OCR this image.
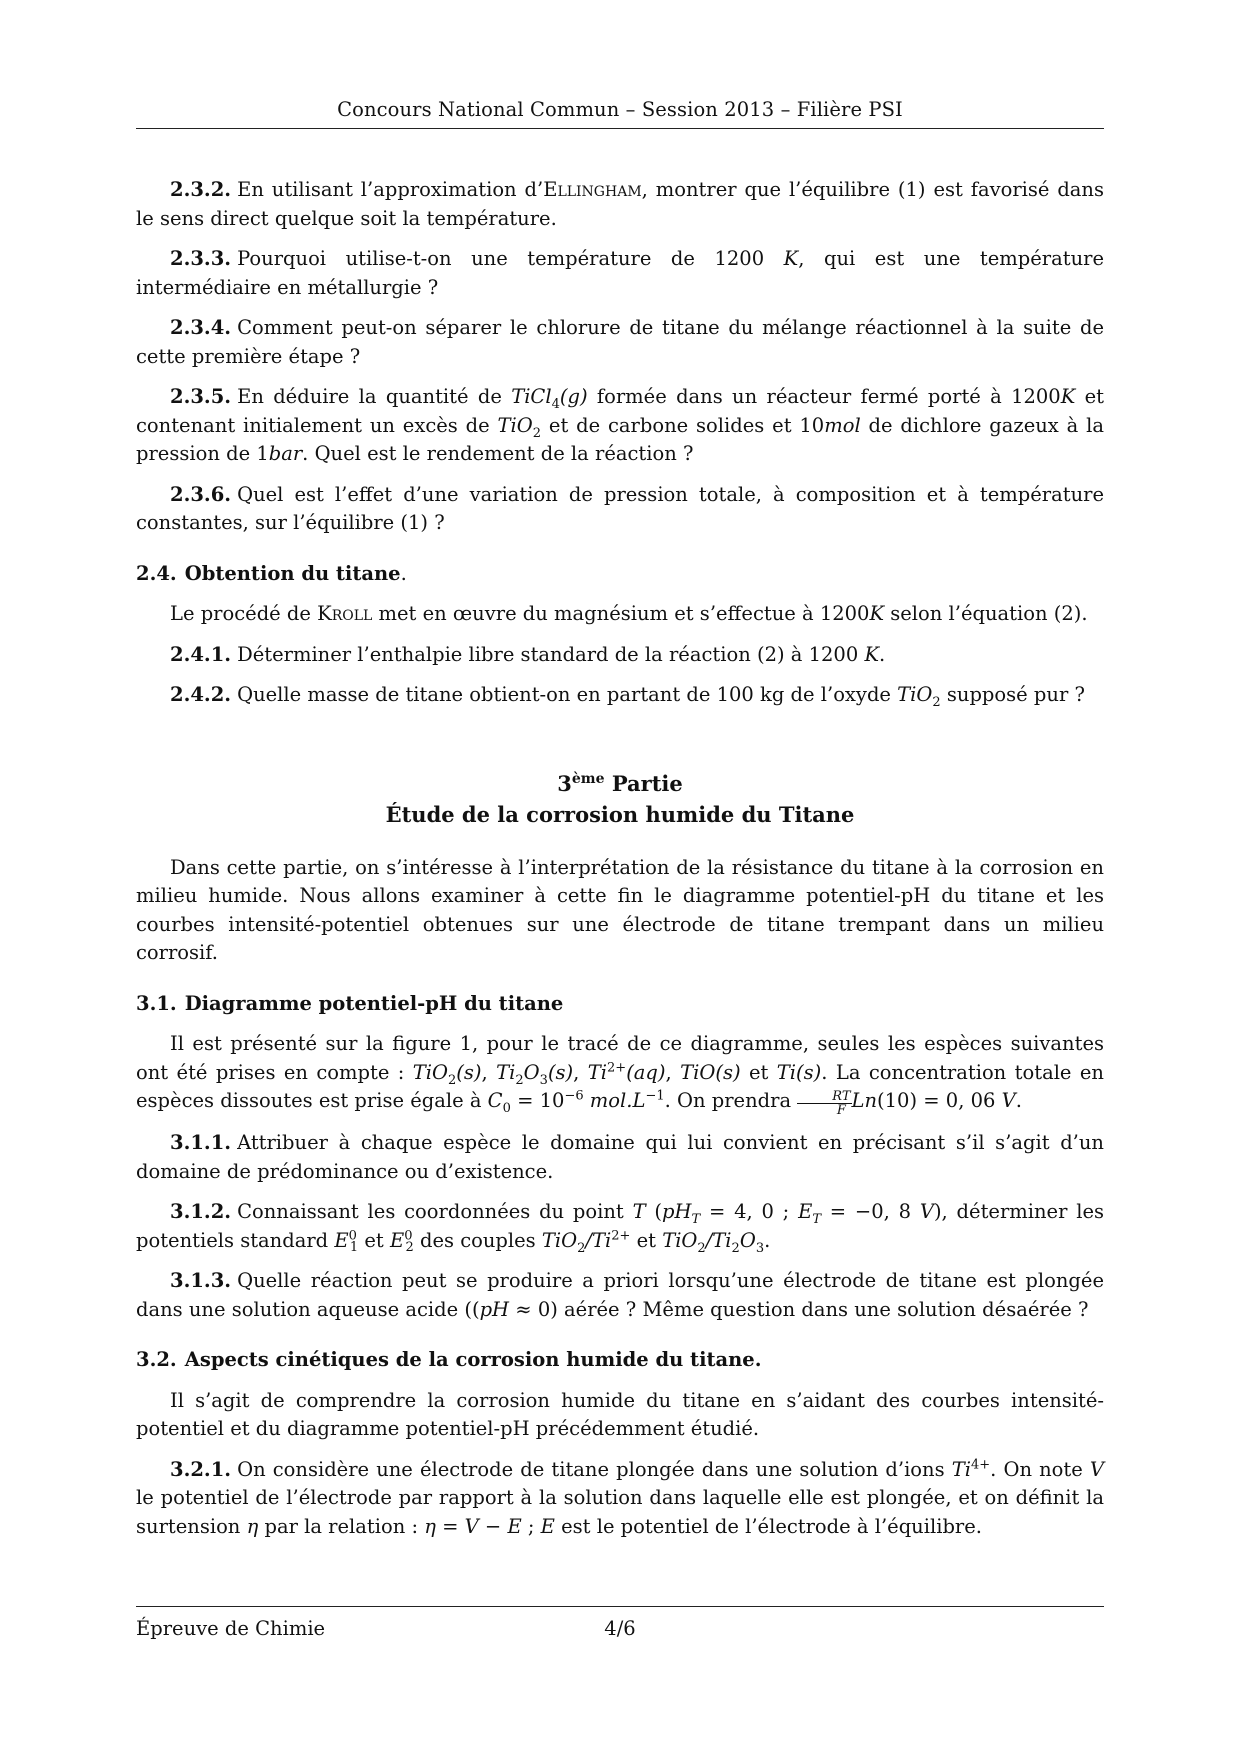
Concours National Commun – Session 2013 – Filière PSI

2.3.2. En utilisant l’approximation d’Ellingham, montrer que l’équilibre (1) est favorisé dans le sens direct quelque soit la température.

2.3.3. Pourquoi utilise-t-on une température de 1200 K, qui est une température intermédiaire en métallurgie ?

2.3.4. Comment peut-on séparer le chlorure de titane du mélange réactionnel à la suite de cette première étape ?

2.3.5. En déduire la quantité de TiCl$_4$(g) formée dans un réacteur fermé porté à 1200K et contenant initialement un excès de TiO$_2$ et de carbone solides et 10mol de dichlore gazeux à la pression de 1bar. Quel est le rendement de la réaction ?

2.3.6. Quel est l’effet d’une variation de pression totale, à composition et à température constantes, sur l’équilibre (1) ?

2.4. Obtention du titane.

Le procédé de Kroll met en œuvre du magnésium et s’effectue à 1200K selon l’équation (2).

2.4.1. Déterminer l’enthalpie libre standard de la réaction (2) à 1200 K.

2.4.2. Quelle masse de titane obtient-on en partant de 100 kg de l’oxyde TiO$_2$ supposé pur ?

3ème Partie
Étude de la corrosion humide du Titane

Dans cette partie, on s’intéresse à l’interprétation de la résistance du titane à la corrosion en milieu humide. Nous allons examiner à cette fin le diagramme potentiel-pH du titane et les courbes intensité-potentiel obtenues sur une électrode de titane trempant dans un milieu corrosif.

3.1. Diagramme potentiel-pH du titane

Il est présenté sur la figure 1, pour le tracé de ce diagramme, seules les espèces suivantes ont été prises en compte : TiO$_2$(s), $Ti_2O_3(s)$, $Ti^{2+}(aq)$, TiO(s) et Ti(s). La concentration totale en espèces dissoutes est prise égale à $C_0 = 10^{-6}$ $mol.L^{-1}$. On prendra $\frac{RT}{F} Ln(10) = 0$, 06 V.

3.1.1. Attribuer à chaque espèce le domaine qui lui convient en précisant s’il s’agit d’un domaine de prédominance ou d’existence.

3.1.2. Connaissant les coordonnées du point T ($pH_T = 4$, 0 ; $E_T = -0$, 8 V), déterminer les potentiels standard $E^0_1$ et $E^0_2$ des couples $TiO_2/Ti^{2+}$ et $TiO_2/Ti_2O_3$.

3.1.3. Quelle réaction peut se produire a priori lorsqu’une électrode de titane est plongée dans une solution aqueuse acide ((pH ≈ 0) aérée ? Même question dans une solution désaérée ?

3.2. Aspects cinétiques de la corrosion humide du titane.

Il s’agit de comprendre la corrosion humide du titane en s’aidant des courbes intensité-potentiel et du diagramme potentiel-pH précédemment étudié.

3.2.1. On considère une électrode de titane plongée dans une solution d’ions $Ti^{4+}$. On note V le potentiel de l’électrode par rapport à la solution dans laquelle elle est plongée, et on définit la surtension η par la relation : η = V − E ; E est le potentiel de l’électrode à l’équilibre.

Épreuve de Chimie	4/6
